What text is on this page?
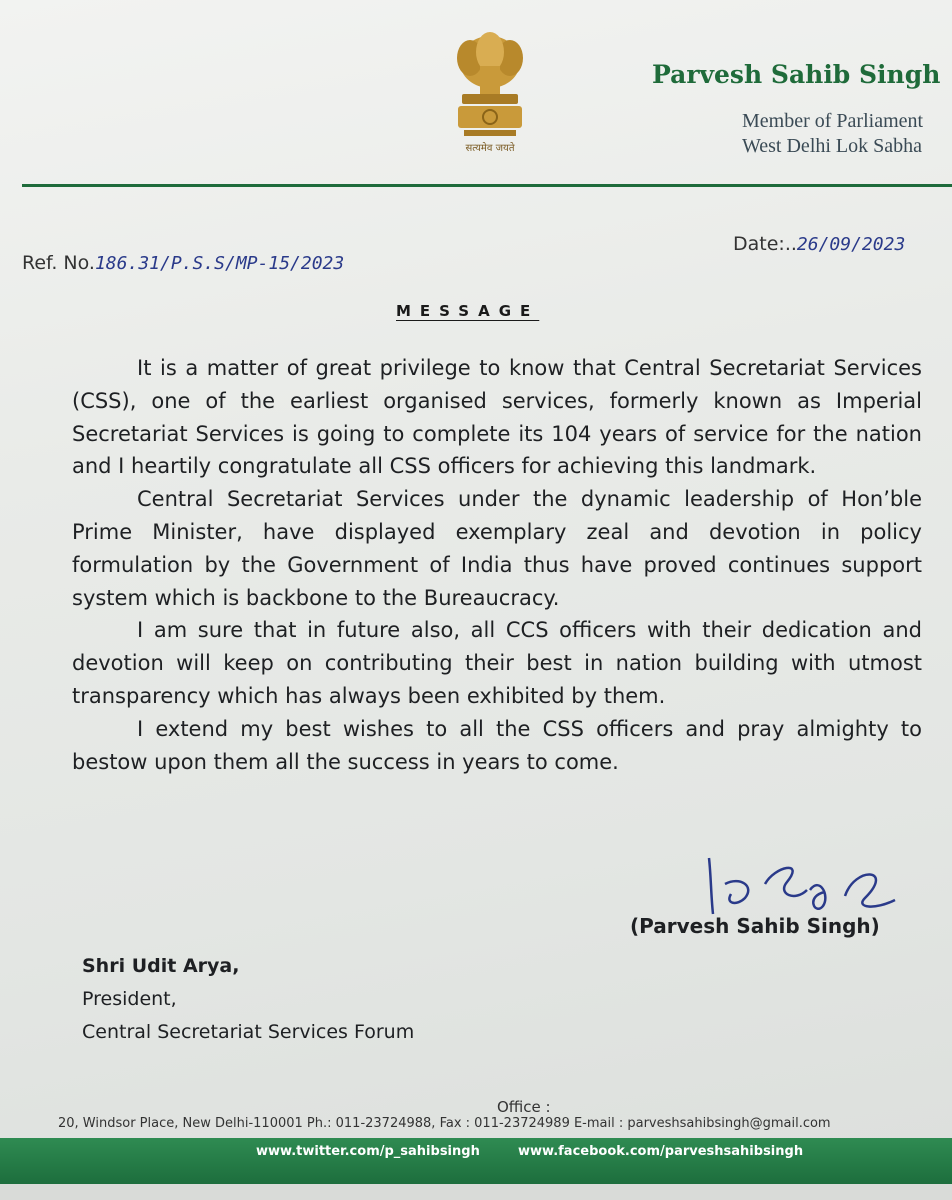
सत्यमेव जयते
Parvesh Sahib Singh
Member of Parliament
West Delhi Lok Sabha
Ref. No.186.31/P.S.S/MP-15/2023
Date:..26/09/2023
MESSAGE

It is a matter of great privilege to know that Central Secretariat Services (CSS), one of the earliest organised services, formerly known as Imperial Secretariat Services is going to complete its 104 years of service for the nation and I heartily congratulate all CSS officers for achieving this landmark.

Central Secretariat Services under the dynamic leadership of Hon’ble Prime Minister, have displayed exemplary zeal and devotion in policy formulation by the Government of India thus have proved continues support system which is backbone to the Bureaucracy.

I am sure that in future also, all CCS officers with their dedication and devotion will keep on contributing their best in nation building with utmost transparency which has always been exhibited by them.

I extend my best wishes to all the CSS officers and pray almighty to bestow upon them all the success in years to come.

(Parvesh Sahib Singh)
Shri Udit Arya,
President,
Central Secretariat Services Forum
Office :
20, Windsor Place, New Delhi-110001 Ph.: 011-23724988, Fax : 011-23724989 E-mail : parveshsahibsingh@gmail.com
www.twitter.com/p_sahibsingh	www.facebook.com/parveshsahibsingh
